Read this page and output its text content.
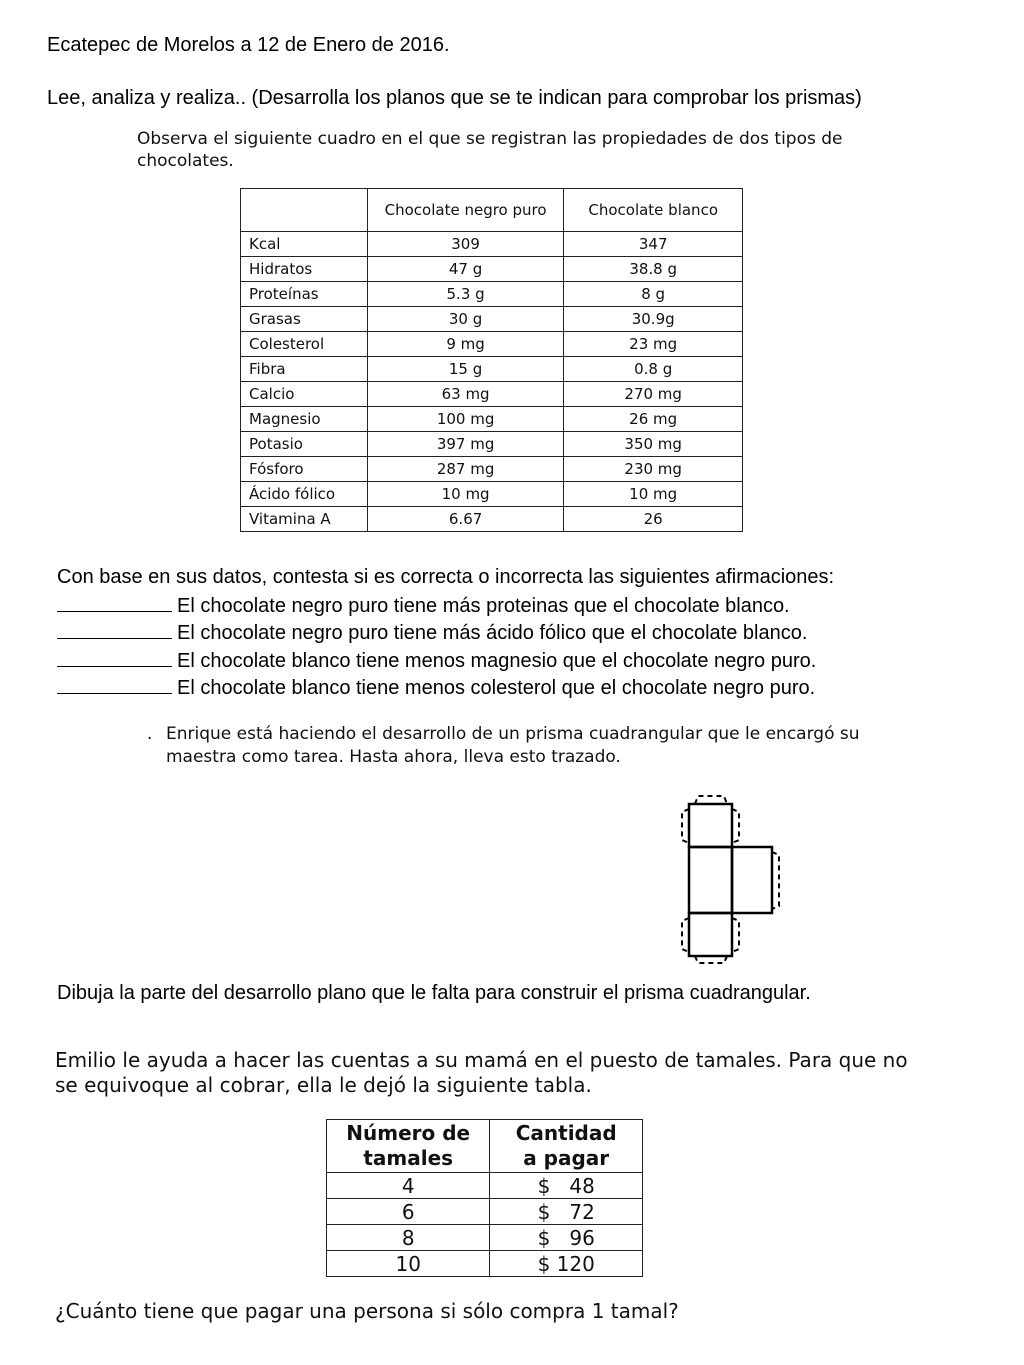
Ecatepec de Morelos a 12 de Enero de 2016.
Lee, analiza y realiza.. (Desarrolla los planos que se te indican para comprobar los prismas)
Observa el siguiente cuadro en el que se registran las propiedades de dos tipos de
chocolates.
	Chocolate negro puro	Chocolate blanco
Kcal	309	347
Hidratos	47 g	38.8 g
Proteínas	5.3 g	8 g
Grasas	30 g	30.9g
Colesterol	9 mg	23 mg
Fibra	15 g	0.8 g
Calcio	63 mg	270 mg
Magnesio	100 mg	26 mg
Potasio	397 mg	350 mg
Fósforo	287 mg	230 mg
Ácido fólico	10 mg	10 mg
Vitamina A	6.67	26
Con base en sus datos, contesta si es correcta o incorrecta las siguientes afirmaciones:
El chocolate negro puro tiene más proteinas que el chocolate blanco.
El chocolate negro puro tiene más ácido fólico que el chocolate blanco.
El chocolate blanco tiene menos magnesio que el chocolate negro puro.
El chocolate blanco tiene menos colesterol que el chocolate negro puro.
. Enrique está haciendo el desarrollo de un prisma cuadrangular que le encargó su
maestra como tarea. Hasta ahora, lleva esto trazado.
Dibuja la parte del desarrollo plano que le falta para construir el prisma cuadrangular.
Emilio le ayuda a hacer las cuentas a su mamá en el puesto de tamales. Para que no
se equivoque al cobrar, ella le dejó la siguiente tabla.
Número de
tamales	Cantidad
a pagar
4	$   48
6	$   72
8	$   96
10	$ 120
¿Cuánto tiene que pagar una persona si sólo compra 1 tamal?
